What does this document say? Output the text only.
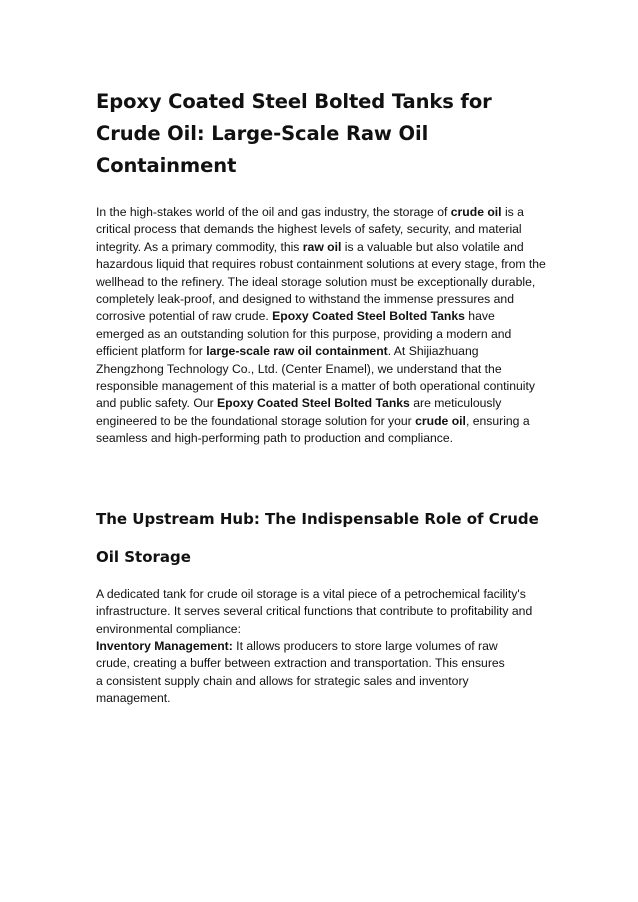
Epoxy Coated Steel Bolted Tanks for Crude Oil: Large-Scale Raw Oil Containment

In the high-stakes world of the oil and gas industry, the storage of crude oil is a critical process that demands the highest levels of safety, security, and material integrity. As a primary commodity, this raw oil is a valuable but also volatile and hazardous liquid that requires robust containment solutions at every stage, from the wellhead to the refinery. The ideal storage solution must be exceptionally durable, completely leak-proof, and designed to withstand the immense pressures and corrosive potential of raw crude. Epoxy Coated Steel Bolted Tanks have emerged as an outstanding solution for this purpose, providing a modern and efficient platform for large-scale raw oil containment. At Shijiazhuang Zhengzhong Technology Co., Ltd. (Center Enamel), we understand that the responsible management of this material is a matter of both operational continuity and public safety. Our Epoxy Coated Steel Bolted Tanks are meticulously engineered to be the foundational storage solution for your crude oil, ensuring a seamless and high-performing path to production and compliance.

The Upstream Hub: The Indispensable Role of Crude Oil Storage

A dedicated tank for crude oil storage is a vital piece of a petrochemical facility's infrastructure. It serves several critical functions that contribute to profitability and environmental compliance:

Inventory Management: It allows producers to store large volumes of raw crude, creating a buffer between extraction and transportation. This ensures a consistent supply chain and allows for strategic sales and inventory management.
